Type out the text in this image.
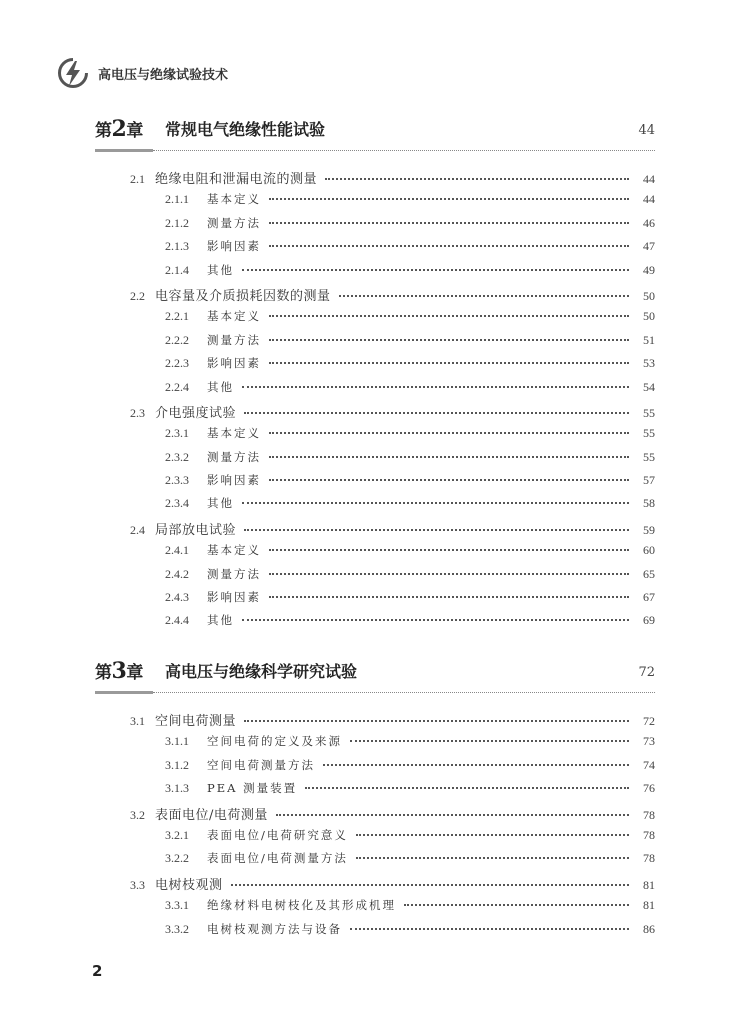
高电压与绝缘试验技术
第2章	常规电气绝缘性能试验	44
2.1 绝缘电阻和泄漏电流的测量	44
2.1.1	基本定义	44
2.1.2	测量方法	46
2.1.3	影响因素	47
2.1.4	其他	49
2.2 电容量及介质损耗因数的测量	50
2.2.1	基本定义	50
2.2.2	测量方法	51
2.2.3	影响因素	53
2.2.4	其他	54
2.3 介电强度试验	55
2.3.1	基本定义	55
2.3.2	测量方法	55
2.3.3	影响因素	57
2.3.4	其他	58
2.4 局部放电试验	59
2.4.1	基本定义	60
2.4.2	测量方法	65
2.4.3	影响因素	67
2.4.4	其他	69
第3章	高电压与绝缘科学研究试验	72
3.1 空间电荷测量	72
3.1.1	空间电荷的定义及来源	73
3.1.2	空间电荷测量方法	74
3.1.3	PEA 测量装置	76
3.2 表面电位/电荷测量	78
3.2.1	表面电位/电荷研究意义	78
3.2.2	表面电位/电荷测量方法	78
3.3 电树枝观测	81
3.3.1	绝缘材料电树枝化及其形成机理	81
3.3.2	电树枝观测方法与设备	86
2
